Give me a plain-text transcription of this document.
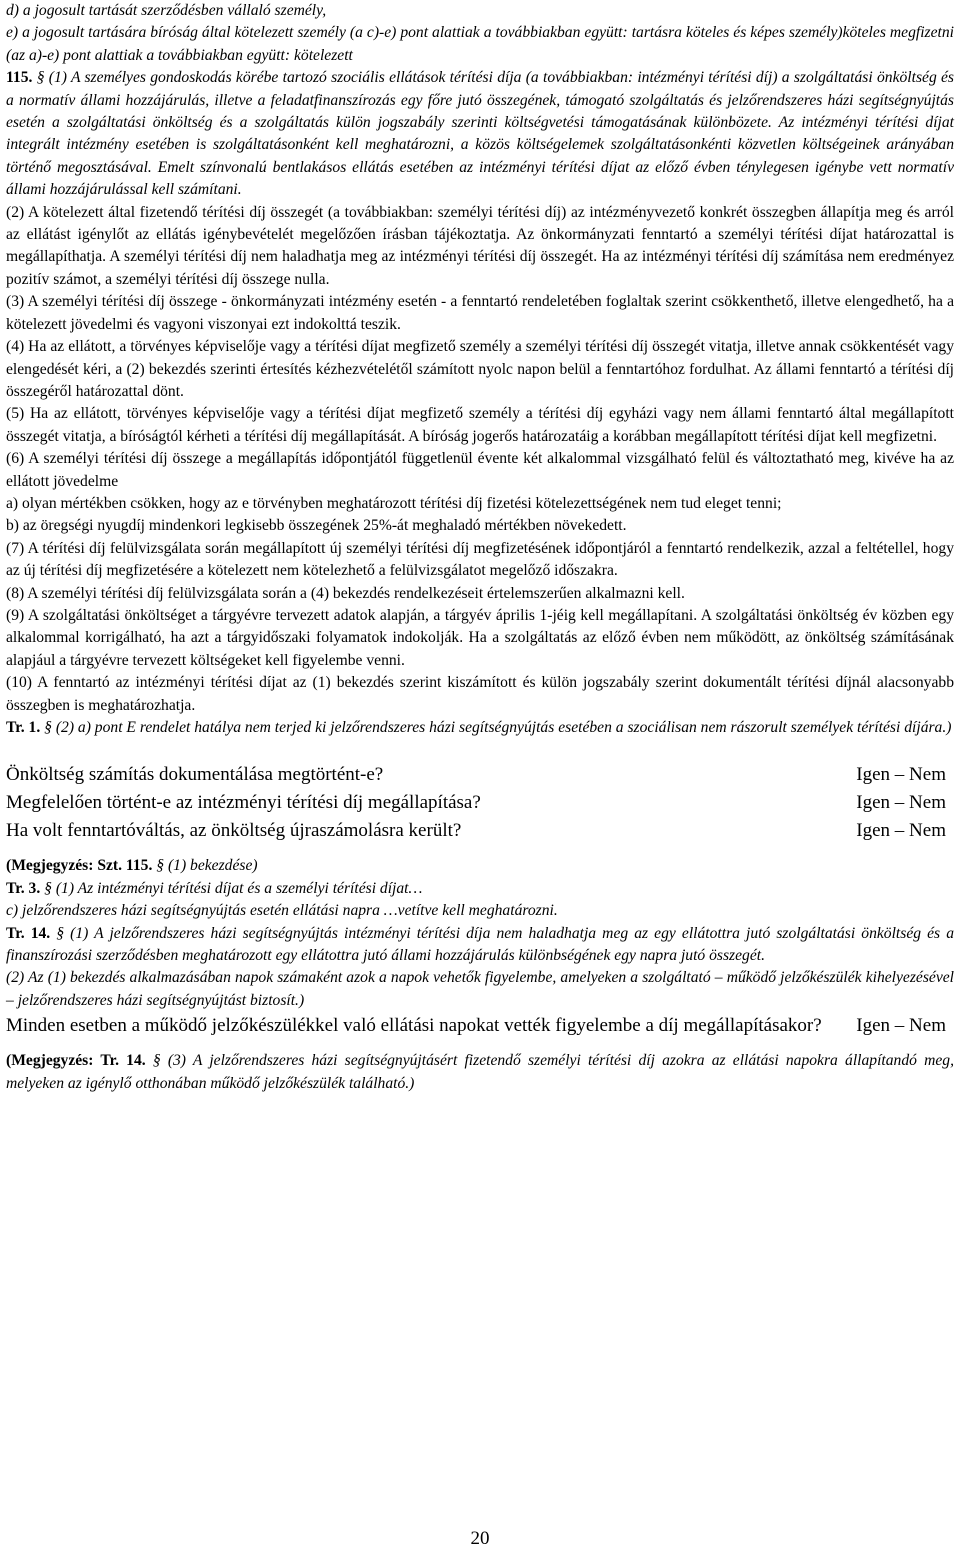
d) a jogosult tartását szerződésben vállaló személy,

e) a jogosult tartására bíróság által kötelezett személy (a c)-e) pont alattiak a továbbiakban együtt: tartásra köteles és képes személy)köteles megfizetni (az a)-e) pont alattiak a továbbiakban együtt: kötelezett

115. § (1) A személyes gondoskodás körébe tartozó szociális ellátások térítési díja (a továbbiakban: intézményi térítési díj) a szolgáltatási önköltség és a normatív állami hozzájárulás, illetve a feladatfinanszírozás egy főre jutó összegének, támogató szolgáltatás és jelzőrendszeres házi segítségnyújtás esetén a szolgáltatási önköltség és a szolgáltatás külön jogszabály szerinti költségvetési támogatásának különbözete. Az intézményi térítési díjat integrált intézmény esetében is szolgáltatásonként kell meghatározni, a közös költségelemek szolgáltatásonkénti közvetlen költségeinek arányában történő megosztásával. Emelt színvonalú bentlakásos ellátás esetében az intézményi térítési díjat az előző évben ténylegesen igénybe vett normatív állami hozzájárulással kell számítani.

(2) A kötelezett által fizetendő térítési díj összegét (a továbbiakban: személyi térítési díj) az intézményvezető konkrét összegben állapítja meg és arról az ellátást igénylőt az ellátás igénybevételét megelőzően írásban tájékoztatja. Az önkormányzati fenntartó a személyi térítési díjat határozattal is megállapíthatja. A személyi térítési díj nem haladhatja meg az intézményi térítési díj összegét. Ha az intézményi térítési díj számítása nem eredményez pozitív számot, a személyi térítési díj összege nulla.

(3) A személyi térítési díj összege - önkormányzati intézmény esetén - a fenntartó rendeletében foglaltak szerint csökkenthető, illetve elengedhető, ha a kötelezett jövedelmi és vagyoni viszonyai ezt indokolttá teszik.

(4) Ha az ellátott, a törvényes képviselője vagy a térítési díjat megfizető személy a személyi térítési díj összegét vitatja, illetve annak csökkentését vagy elengedését kéri, a (2) bekezdés szerinti értesítés kézhezvételétől számított nyolc napon belül a fenntartóhoz fordulhat. Az állami fenntartó a térítési díj összegéről határozattal dönt.

(5) Ha az ellátott, törvényes képviselője vagy a térítési díjat megfizető személy a térítési díj egyházi vagy nem állami fenntartó által megállapított összegét vitatja, a bíróságtól kérheti a térítési díj megállapítását. A bíróság jogerős határozatáig a korábban megállapított térítési díjat kell megfizetni.

(6) A személyi térítési díj összege a megállapítás időpontjától függetlenül évente két alkalommal vizsgálható felül és változtatható meg, kivéve ha az ellátott jövedelme

a) olyan mértékben csökken, hogy az e törvényben meghatározott térítési díj fizetési kötelezettségének nem tud eleget tenni;

b) az öregségi nyugdíj mindenkori legkisebb összegének 25%-át meghaladó mértékben növekedett.

(7) A térítési díj felülvizsgálata során megállapított új személyi térítési díj megfizetésének időpontjáról a fenntartó rendelkezik, azzal a feltétellel, hogy az új térítési díj megfizetésére a kötelezett nem kötelezhető a felülvizsgálatot megelőző időszakra.

(8) A személyi térítési díj felülvizsgálata során a (4) bekezdés rendelkezéseit értelemszerűen alkalmazni kell.

(9) A szolgáltatási önköltséget a tárgyévre tervezett adatok alapján, a tárgyév április 1-jéig kell megállapítani. A szolgáltatási önköltség év közben egy alkalommal korrigálható, ha azt a tárgyidőszaki folyamatok indokolják. Ha a szolgáltatás az előző évben nem működött, az önköltség számításának alapjául a tárgyévre tervezett költségeket kell figyelembe venni.

(10) A fenntartó az intézményi térítési díjat az (1) bekezdés szerint kiszámított és külön jogszabály szerint dokumentált térítési díjnál alacsonyabb összegben is meghatározhatja.

Tr. 1. § (2) a) pont E rendelet hatálya nem terjed ki jelzőrendszeres házi segítségnyújtás esetében a szociálisan nem rászorult személyek térítési díjára.)

Önköltség számítás dokumentálása megtörtént-e?	Igen – Nem
Megfelelően történt-e az intézményi térítési díj megállapítása?	Igen – Nem
Ha volt fenntartóváltás, az önköltség újraszámolásra került?	Igen – Nem

(Megjegyzés: Szt. 115. § (1) bekezdése)

Tr. 3. § (1) Az intézményi térítési díjat és a személyi térítési díjat…

c) jelzőrendszeres házi segítségnyújtás esetén ellátási napra …vetítve kell meghatározni.

Tr. 14. § (1) A jelzőrendszeres házi segítségnyújtás intézményi térítési díja nem haladhatja meg az egy ellátottra jutó szolgáltatási önköltség és a finanszírozási szerződésben meghatározott egy ellátottra jutó állami hozzájárulás különbségének egy napra jutó összegét.

(2) Az (1) bekezdés alkalmazásában napok számaként azok a napok vehetők figyelembe, amelyeken a szolgáltató – működő jelzőkészülék kihelyezésével – jelzőrendszeres házi segítségnyújtást biztosít.)

Minden esetben a működő jelzőkészülékkel való ellátási napokat vették figyelembe a díj megállapításakor? Igen – Nem

(Megjegyzés: Tr. 14. § (3) A jelzőrendszeres házi segítségnyújtásért fizetendő személyi térítési díj azokra az ellátási napokra állapítandó meg, melyeken az igénylő otthonában működő jelzőkészülék található.)

20
